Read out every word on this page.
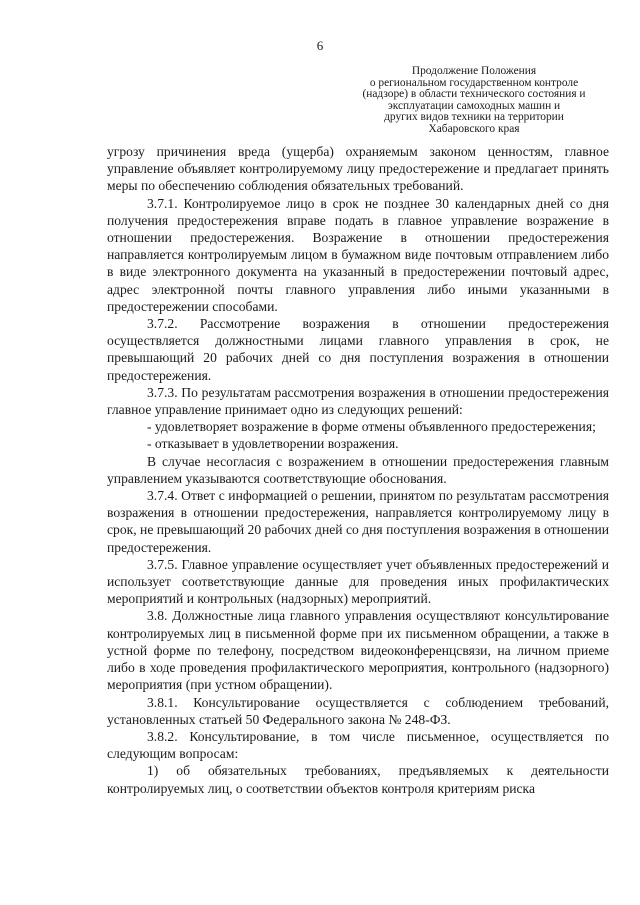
6
Продолжение Положения
о региональном государственном контроле
(надзоре) в области технического состояния и
эксплуатации самоходных машин и
других видов техники на территории
Хабаровского края

угрозу причинения вреда (ущерба) охраняемым законом ценностям, главное управление объявляет контролируемому лицу предостережение и предлагает принять меры по обеспечению соблюдения обязательных требований.

3.7.1. Контролируемое лицо в срок не позднее 30 календарных дней со дня получения предостережения вправе подать в главное управление возражение в отношении предостережения. Возражение в отношении предостережения направляется контролируемым лицом в бумажном виде почтовым отправлением либо в виде электронного документа на указанный в предостережении почтовый адрес, адрес электронной почты главного управления либо иными указанными в предостережении способами.

3.7.2. Рассмотрение возражения в отношении предостережения осуществляется должностными лицами главного управления в срок, не превышающий 20 рабочих дней со дня поступления возражения в отношении предостережения.

3.7.3. По результатам рассмотрения возражения в отношении предостережения главное управление принимает одно из следующих решений:

- удовлетворяет возражение в форме отмены объявленного предостережения;

- отказывает в удовлетворении возражения.

В случае несогласия с возражением в отношении предостережения главным управлением указываются соответствующие обоснования.

3.7.4. Ответ с информацией о решении, принятом по результатам рассмотрения возражения в отношении предостережения, направляется контролируемому лицу в срок, не превышающий 20 рабочих дней со дня поступления возражения в отношении предостережения.

3.7.5. Главное управление осуществляет учет объявленных предостережений и использует соответствующие данные для проведения иных профилактических мероприятий и контрольных (надзорных) мероприятий.

3.8. Должностные лица главного управления осуществляют консультирование контролируемых лиц в письменной форме при их письменном обращении, а также в устной форме по телефону, посредством видеоконференцсвязи, на личном приеме либо в ходе проведения профилактического мероприятия, контрольного (надзорного) мероприятия (при устном обращении).

3.8.1. Консультирование осуществляется с соблюдением требований, установленных статьей 50 Федерального закона № 248-ФЗ.

3.8.2. Консультирование, в том числе письменное, осуществляется по следующим вопросам:

1) об обязательных требованиях, предъявляемых к деятельности контролируемых лиц, о соответствии объектов контроля критериям риска
